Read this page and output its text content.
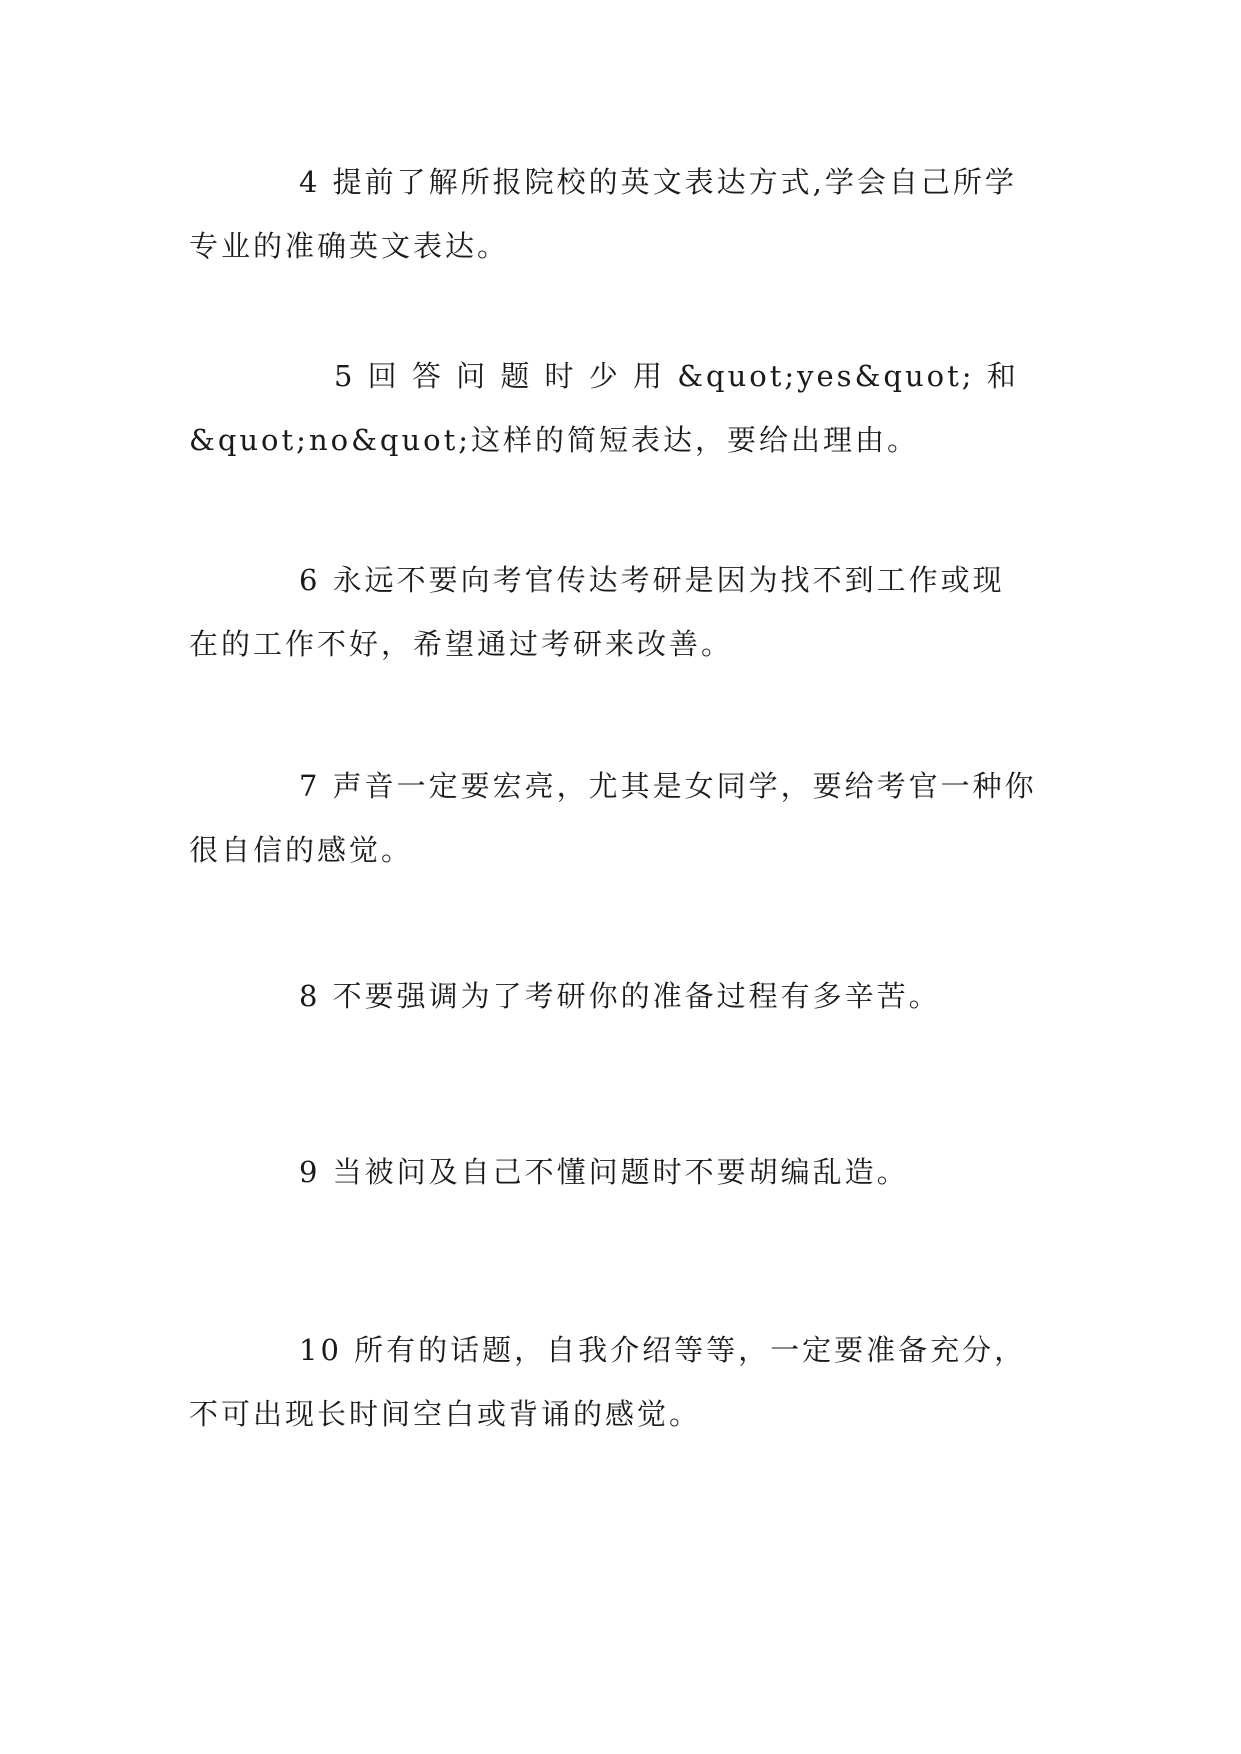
4 提前了解所报院校的英文表达方式,学会自己所学
专业的准确英文表达。

5 回 答 问 题 时 少 用 &quot;yes&quot; 和
&quot;no&quot;这样的简短表达，要给出理由。

6 永远不要向考官传达考研是因为找不到工作或现
在的工作不好，希望通过考研来改善。

7 声音一定要宏亮，尤其是女同学，要给考官一种你
很自信的感觉。

8 不要强调为了考研你的准备过程有多辛苦。

9 当被问及自己不懂问题时不要胡编乱造。

10 所有的话题，自我介绍等等，一定要准备充分，
不可出现长时间空白或背诵的感觉。
